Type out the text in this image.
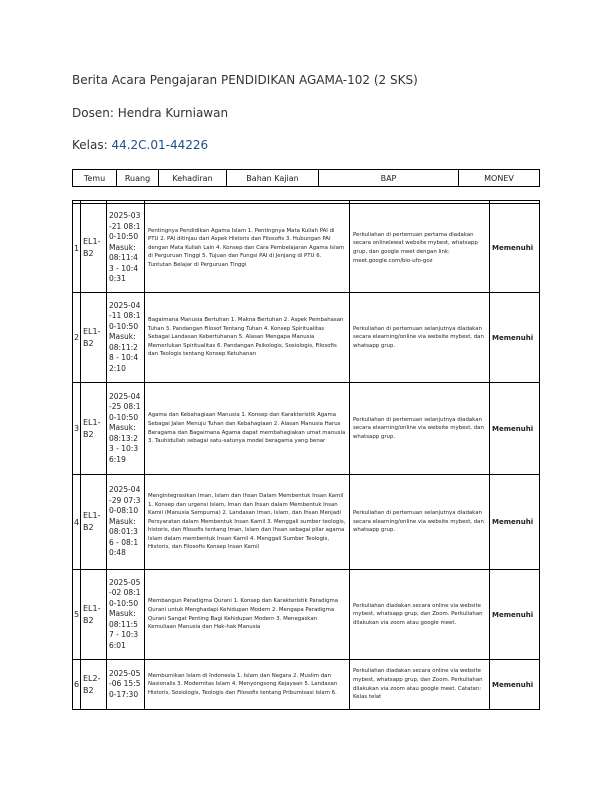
Berita Acara Pengajaran PENDIDIKAN AGAMA-102 (2 SKS)
Dosen: Hendra Kurniawan
Kelas: 44.2C.01-44226
Temu	Ruang	Kehadiran	Bahan Kajian	BAP	MONEV

1	EL1-B2	2025-03-21 08:10-10:50 Masuk: 08:11:43 - 10:40:31	Pentingnya Pendidikan Agama Islam 1. Pentingnya Mata Kuliah PAI di PTU 2. PAI ditinjau dari Aspek Historis dan Filosofis 3. Hubungan PAI dengan Mata Kuliah Lain 4. Konsep dan Cara Pembelajaran Agama Islam di Perguruan Tinggi 5. Tujuan dan Fungsi PAI di Jenjang di PTU 6. Tuntutan Belajar di Perguruan Tinggi	Perkuliahan di pertemuan pertama diadakan secara onlinelewat website mybest, whatsapp grup, dan google meet dengan link: meet.google.com/bio-ufo-goz	Memenuhi
2	EL1-B2	2025-04-11 08:10-10:50 Masuk: 08:11:28 - 10:42:10	Bagaimana Manusia Bertuhan 1. Makna Bertuhan 2. Aspek Pembahasan Tuhan 3. Pandangan Filosof Tentang Tuhan 4. Konsep Spiritualitas Sebagai Landasan Kebertuhanan 5. Alasan Mengapa Manusia Memerlukan Spiritualitas 6. Pandangan Psikologis, Sosiologis, Filosofis dan Teologis tentang Konsep Ketuhanan	Perkuliahan di pertemuan selanjutnya diadakan secara elearning/online via website mybest, dan whatsapp grup.	Memenuhi
3	EL1-B2	2025-04-25 08:10-10:50 Masuk: 08:13:23 - 10:36:19	Agama dan Kebahagiaan Manusia 1. Konsep dan Karakteristik Agama Sebagai Jalan Menuju Tuhan dan Kebahagiaan 2. Alasan Manusia Harus Beragama dan Bagaimana Agama dapat membahagiakan umat manusia 3. Tauhidullah sebagai satu-satunya model beragama yang benar	Perkuliahan di pertemuan selanjutnya diadakan secara elearning/online via website mybest, dan whatsapp grup.	Memenuhi
4	EL1-B2	2025-04-29 07:30-08:10 Masuk: 08:01:36 - 08:10:48	Mengintegrasikan Iman, Islam dan Ihsan Dalam Membentuk Insan Kamil 1. Konsep dan urgensi Islam, Iman dan Ihsan dalam Membentuk Insan Kamil (Manusia Sempurna) 2. Landasan Iman, Islam, dan Ihsan Menjadi Persyaratan dalam Membentuk Insan Kamil 3. Menggali sumber teologis, historis, dan filosofis tentang Iman, Islam dan Ihsan sebagai pilar agama Islam dalam membentuk Insan Kamil 4. Menggali Sumber Teologis, Historis, dan Filosofis Konsep Insan Kamil	Perkuliahan di pertemuan selanjutnya diadakan secara elearning/online via website mybest, dan whatsapp grup.	Memenuhi
5	EL1-B2	2025-05-02 08:10-10:50 Masuk: 08:11:57 - 10:36:01	Membangun Paradigma Qurani 1. Konsep dan Karakteristik Paradigma Qurani untuk Menghadapi Kehidupan Modern 2. Mengapa Paradigma Qurani Sangat Penting Bagi Kehidupan Modern 3. Menegaskan Kemuliaan Manusia dan Hak-hak Manusia	Perkuliahan diadakan secara online via website mybest, whatsapp grup, dan Zoom. Perkuliahan dilakukan via zoom atau google meet.	Memenuhi
6	EL2-B2	2025-05-06 15:50-17:30	Membumikan Islam di Indonesia 1. Islam dan Negara 2. Muslim dan Nasionalis 3. Modernitas Islam 4. Menyongsong Kejayaan 5. Landasan Historis, Sosiologis, Teologis dan Filosofis tentang Pribumisasi Islam 6.	Perkuliahan diadakan secara online via website mybest, whatsapp grup, dan Zoom. Perkuliahan dilakukan via zoom atau google meet. Catatan: Kelas telat	Memenuhi
